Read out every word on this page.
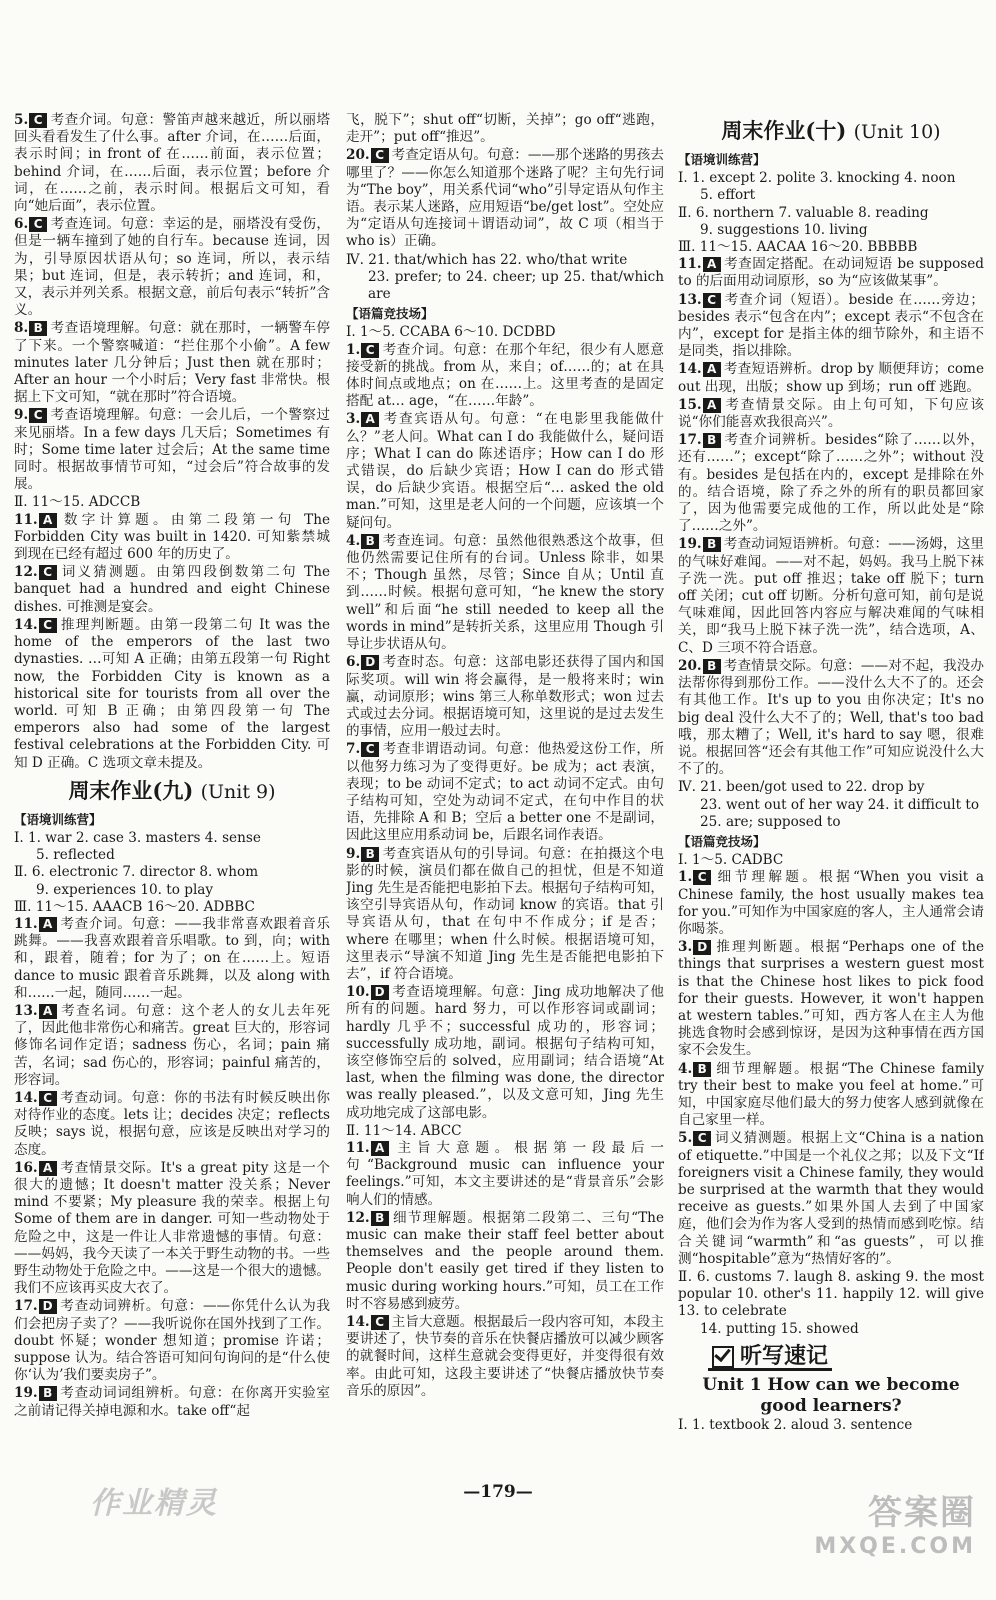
5. C 考查介词。句意：警笛声越来越近，所以丽塔回头看看发生了什么事。after 介词，在……后面，表示时间；in front of 在……前面，表示位置；behind 介词，在……后面，表示位置；before 介词，在……之前，表示时间。根据后文可知，看向“她后面”，表示位置。

6. C 考查连词。句意：幸运的是，丽塔没有受伤，但是一辆车撞到了她的自行车。because 连词，因为，引导原因状语从句；so 连词，所以，表示结果；but 连词，但是，表示转折；and 连词，和，又，表示并列关系。根据文意，前后句表示“转折”含义。

8. B 考查语境理解。句意：就在那时，一辆警车停了下来。一个警察喊道：“拦住那个小偷”。A few minutes later 几分钟后；Just then 就在那时；After an hour 一个小时后；Very fast 非常快。根据上下文可知，“就在那时”符合语境。

9. C 考查语境理解。句意：一会儿后，一个警察过来见丽塔。In a few days 几天后；Sometimes 有时；Some time later 过会后；At the same time 同时。根据故事情节可知，“过会后”符合故事的发展。

Ⅱ. 11～15. ADCCB

11. A 数字计算题。由第二段第一句 The Forbidden City was built in 1420. 可知紫禁城到现在已经有超过 600 年的历史了。

12. C 词义猜测题。由第四段倒数第二句 The banquet had a hundred and eight Chinese dishes. 可推测是宴会。

14. C 推理判断题。由第一段第二句 It was the home of the emperors of the last two dynasties. …可知 A 正确；由第五段第一句 Right now, the Forbidden City is known as a historical site for tourists from all over the world. 可知 B 正确；由第四段第一句 The emperors also had some of the largest festival celebrations at the Forbidden City. 可知 D 正确。C 选项文章未提及。

周末作业(九) (Unit 9)
【语境训练营】

Ⅰ. 1. war 2. case 3. masters 4. sense

5. reflected

Ⅱ. 6. electronic 7. director 8. whom

9. experiences 10. to play

Ⅲ. 11～15. AAACB 16～20. ADBBC

11. A 考查介词。句意：——我非常喜欢跟着音乐跳舞。——我喜欢跟着音乐唱歌。to 到，向；with 和，跟着，随着；for 为了；on 在……上。短语 dance to music 跟着音乐跳舞，以及 along with 和……一起，随同……一起。

13. A 考查名词。句意：这个老人的女儿去年死了，因此他非常伤心和痛苦。great 巨大的，形容词修饰名词作定语；sadness 伤心，名词；pain 痛苦，名词；sad 伤心的，形容词；painful 痛苦的，形容词。

14. C 考查动词。句意：你的书法有时候反映出你对待作业的态度。lets 让；decides 决定；reflects 反映；says 说，根据句意，应该是反映出对学习的态度。

16. A 考查情景交际。It's a great pity 这是一个很大的遗憾；It doesn't matter 没关系；Never mind 不要紧；My pleasure 我的荣幸。根据上句 Some of them are in danger. 可知一些动物处于危险之中，这是一件让人非常遗憾的事情。句意：——妈妈，我今天读了一本关于野生动物的书。一些野生动物处于危险之中。——这是一个很大的遗憾。我们不应该再买皮大衣了。

17. D 考查动词辨析。句意：——你凭什么认为我们会把房子卖了？——我听说你在国外找到了工作。doubt 怀疑；wonder 想知道；promise 许诺；suppose 认为。结合答语可知问句询问的是“什么使你‘认为’我们要卖房子”。

19. B 考查动词词组辨析。句意：在你离开实验室之前请记得关掉电源和水。take off“起

飞，脱下”；shut off“切断，关掉”；go off“逃跑，走开”；put off“推迟”。

20. C 考查定语从句。句意：——那个迷路的男孩去哪里了？——你怎么知道那个迷路了呢？主句先行词为“The boy”，用关系代词“who”引导定语从句作主语。表示某人迷路，应用短语“be/get lost”。空处应为“定语从句连接词＋谓语动词”，故 C 项（相当于 who is）正确。

Ⅳ. 21. that/which has 22. who/that write

23. prefer; to 24. cheer; up 25. that/which are

【语篇竞技场】

Ⅰ. 1～5. CCABA 6～10. DCDBD

1. C 考查介词。句意：在那个年纪，很少有人愿意接受新的挑战。from 从，来自；of……的；at 在具体时间点或地点；on 在……上。这里考查的是固定搭配 at… age，“在……年龄”。

3. A 考查宾语从句。句意：“在电影里我能做什么？”老人问。What can I do 我能做什么，疑问语序；What I can do 陈述语序；How can I do 形式错误，do 后缺少宾语；How I can do 形式错误，do 后缺少宾语。根据空后“… asked the old man.”可知，这里是老人问的一个问题，应该填一个疑问句。

4. B 考查连词。句意：虽然他很熟悉这个故事，但他仍然需要记住所有的台词。Unless 除非，如果不；Though 虽然，尽管；Since 自从；Until 直到……时候。根据句意可知，“he knew the story well”和后面“he still needed to keep all the words in mind”是转折关系，这里应用 Though 引导让步状语从句。

6. D 考查时态。句意：这部电影还获得了国内和国际奖项。will win 将会赢得，是一般将来时；win 赢，动词原形；wins 第三人称单数形式；won 过去式或过去分词。根据语境可知，这里说的是过去发生的事情，应用一般过去时。

7. C 考查非谓语动词。句意：他热爱这份工作，所以他努力练习为了变得更好。be 成为；act 表演，表现；to be 动词不定式；to act 动词不定式。由句子结构可知，空处为动词不定式，在句中作目的状语，先排除 A 和 B；空后 a better one 不是副词，因此这里应用系动词 be，后跟名词作表语。

9. B 考查宾语从句的引导词。句意：在拍摄这个电影的时候，演员们都在做自己的担忧，但是不知道 Jing 先生是否能把电影拍下去。根据句子结构可知，该空引导宾语从句，作动词 know 的宾语。that 引导宾语从句，that 在句中不作成分；if 是否；where 在哪里；when 什么时候。根据语境可知，这里表示“导演不知道 Jing 先生是否能把电影拍下去”，if 符合语境。

10. D 考查语境理解。句意：Jing 成功地解决了他所有的问题。hard 努力，可以作形容词或副词；hardly 几乎不；successful 成功的，形容词；successfully 成功地，副词。根据句子结构可知，该空修饰空后的 solved，应用副词；结合语境“At last, when the filming was done, the director was really pleased.”，以及文意可知，Jing 先生成功地完成了这部电影。

Ⅱ. 11～14. ABCC

11. A 主旨大意题。根据第一段最后一句“Background music can influence your feelings.”可知，本文主要讲述的是“背景音乐”会影响人们的情感。

12. B 细节理解题。根据第二段第二、三句“The music can make their staff feel better about themselves and the people around them. People don't easily get tired if they listen to music during working hours.”可知，员工在工作时不容易感到疲劳。

14. C 主旨大意题。根据最后一段内容可知，本段主要讲述了，快节奏的音乐在快餐店播放可以减少顾客的就餐时间，这样生意就会变得更好，并变得很有效率。由此可知，这段主要讲述了“快餐店播放快节奏音乐的原因”。

周末作业(十) (Unit 10)
【语境训练营】

Ⅰ. 1. except 2. polite 3. knocking 4. noon

5. effort

Ⅱ. 6. northern 7. valuable 8. reading

9. suggestions 10. living

Ⅲ. 11～15. AACAA 16～20. BBBBB

11. A 考查固定搭配。在动词短语 be supposed to 的后面用动词原形，so 为“应该做某事”。

13. C 考查介词（短语）。beside 在……旁边；besides 表示“包含在内”；except 表示“不包含在内”，except for 是指主体的细节除外，和主语不是同类，指以排除。

14. A 考查短语辨析。drop by 顺便拜访；come out 出现，出版；show up 到场；run off 逃跑。

15. A 考查情景交际。由上句可知，下句应该说“你们能喜欢我很高兴”。

17. B 考查介词辨析。besides“除了……以外，还有……”；except“除了……之外”；without 没有。besides 是包括在内的，except 是排除在外的。结合语境，除了乔之外的所有的职员都回家了，因为他需要完成他的工作，所以此处是“除了……之外”。

19. B 考查动词短语辨析。句意：——汤姆，这里的气味好难闻。——对不起，妈妈。我马上脱下袜子洗一洗。put off 推迟；take off 脱下；turn off 关闭；cut off 切断。分析句意可知，前句是说气味难闻，因此回答内容应与解决难闻的气味相关，即“我马上脱下袜子洗一洗”，结合选项，A、C、D 三项不符合语意。

20. B 考查情景交际。句意：——对不起，我没办法帮你得到那份工作。——没什么大不了的。还会有其他工作。It's up to you 由你决定；It's no big deal 没什么大不了的；Well, that's too bad 哦，那太糟了；Well, it's hard to say 嗯，很难说。根据回答“还会有其他工作”可知应说没什么大不了的。

Ⅳ. 21. been/got used to 22. drop by

23. went out of her way 24. it difficult to

25. are; supposed to

【语篇竞技场】

Ⅰ. 1～5. CADBC

1. C 细节理解题。根据“When you visit a Chinese family, the host usually makes tea for you.”可知作为中国家庭的客人，主人通常会请你喝茶。

3. D 推理判断题。根据“Perhaps one of the things that surprises a western guest most is that the Chinese host likes to pick food for their guests. However, it won't happen at western tables.”可知，西方客人在主人为他挑选食物时会感到惊讶，是因为这种事情在西方国家不会发生。

4. B 细节理解题。根据“The Chinese family try their best to make you feel at home.”可知，中国家庭尽他们最大的努力使客人感到就像在自己家里一样。

5. C 词义猜测题。根据上文“China is a nation of etiquette.”中国是一个礼仪之邦；以及下文“If foreigners visit a Chinese family, they would be surprised at the warmth that they would receive as guests.”如果外国人去到了中国家庭，他们会为作为客人受到的热情而感到吃惊。结合关键词“warmth”和“as guests”，可以推测“hospitable”意为“热情好客的”。

Ⅱ. 6. customs 7. laugh 8. asking 9. the most popular 10. other's 11. happily 12. will give 13. to celebrate

14. putting 15. showed

听写速记
Unit 1 How can we become good learners?

Ⅰ. 1. textbook 2. aloud 3. sentence

—179—
作业精灵	答案圈
MXQE.COM
